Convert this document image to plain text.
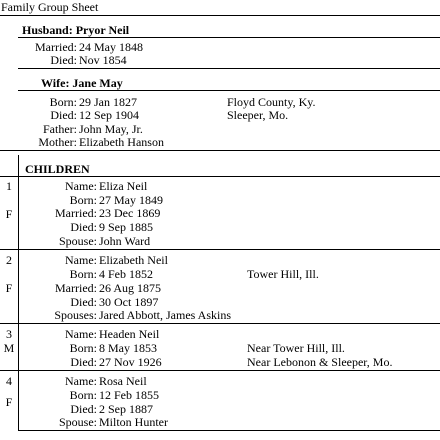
Family Group Sheet
Husband: Pryor Neil
Married: 24 May 1848
Died: Nov 1854
Wife: Jane May
Born: 29 Jan 1827	Floyd County, Ky.
Died: 12 Sep 1904	Sleeper, Mo.
Father: John May, Jr.
Mother: Elizabeth Hanson
CHILDREN
1
F
Name: Eliza Neil
Born: 27 May 1849
Married: 23 Dec 1869
Died: 9 Sep 1885
Spouse: John Ward
2
F
Name: Elizabeth Neil
Born: 4 Feb 1852	Tower Hill, Ill.
Married: 26 Aug 1875
Died: 30 Oct 1897
Spouses: Jared Abbott, James Askins
3
M
Name: Headen Neil
Born: 8 May 1853	Near Tower Hill, Ill.
Died: 27 Nov 1926	Near Lebonon & Sleeper, Mo.
4
F
Name: Rosa Neil
Born: 12 Feb 1855
Died: 2 Sep 1887
Spouse: Milton Hunter
